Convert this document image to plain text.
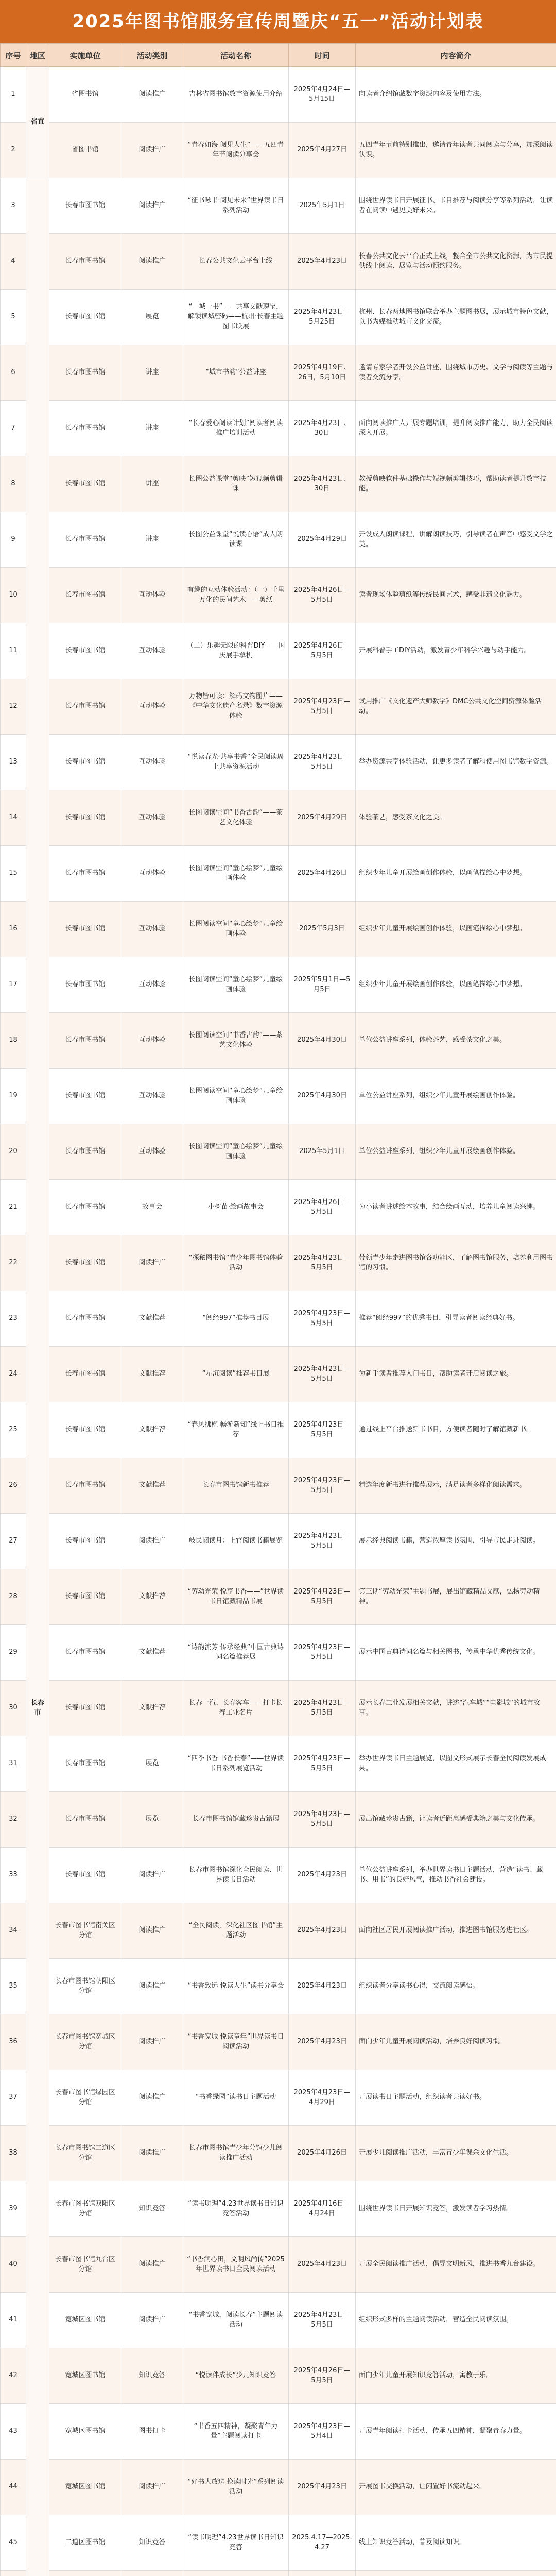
2025年图书馆服务宣传周暨庆“五一”活动计划表
序号	地区	实施单位	活动类别	活动名称	时间	内容简介
1	省直	省图书馆	阅读推广	吉林省图书馆数字资源使用介绍	2025年4月24日—5月15日	向读者介绍馆藏数字资源内容及使用方法。
2		省图书馆	阅读推广	“青春如海 阅见人生”——五四青年节阅读分享会	2025年4月27日	五四青年节前特别推出，邀请青年读者共同阅读与分享，加深阅读认识。
3	长春市	长春市图书馆	阅读推广	“征书咏书·阅见未来”世界读书日系列活动	2025年5月1日	围绕世界读书日开展征书、书目推荐与阅读分享等系列活动，让读者在阅读中遇见美好未来。
4		长春市图书馆	阅读推广	长春公共文化云平台上线	2025年4月23日	长春公共文化云平台正式上线，整合全市公共文化资源，为市民提供线上阅读、展览与活动预约服务。
5		长春市图书馆	展览	“一城一书”——共享文献瑰宝，解锁读城密码——杭州·长春主题图书联展	2025年4月23日—5月25日	杭州、长春两地图书馆联合举办主题图书展，展示城市特色文献，以书为媒推动城市文化交流。
6		长春市图书馆	讲座	“城市书韵”公益讲座	2025年4月19日、26日，5月10日	邀请专家学者开设公益讲座，围绕城市历史、文学与阅读等主题与读者交流分享。
7		长春市图书馆	讲座	“长春爱心阅读计划”阅读者阅读推广培训活动	2025年4月23日、30日	面向阅读推广人开展专题培训，提升阅读推广能力，助力全民阅读深入开展。
8		长春市图书馆	讲座	长图公益课堂“剪映”短视频剪辑课	2025年4月23日、30日	教授剪映软件基础操作与短视频剪辑技巧，帮助读者提升数字技能。
9		长春市图书馆	讲座	长图公益课堂“悦读心语”成人朗读课	2025年4月29日	开设成人朗读课程，讲解朗读技巧，引导读者在声音中感受文学之美。
10		长春市图书馆	互动体验	有趣的互动体验活动：（一）千里万化的民间艺术——剪纸	2025年4月26日—5月5日	读者现场体验剪纸等传统民间艺术，感受非遗文化魅力。
11		长春市图书馆	互动体验	（二）乐趣无限的科普DIY——国庆展手拿机	2025年4月26日—5月5日	开展科普手工DIY活动，激发青少年科学兴趣与动手能力。
12		长春市图书馆	互动体验	万物皆可读：解码文物图片——《中华文化遗产名录》数字资源体验	2025年4月23日—5月5日	试用推广《文化遗产大师数字》DMC公共文化空间资源体验活动。
13		长春市图书馆	互动体验	“悦读春光·共享书香”全民阅读周上共享资源活动	2025年4月23日—5月5日	举办资源共享体验活动，让更多读者了解和使用图书馆数字资源。
14		长春市图书馆	互动体验	长图阅读空间“书香古韵”——茶艺文化体验	2025年4月29日	体验茶艺，感受茶文化之美。
15		长春市图书馆	互动体验	长图阅读空间“童心绘梦”儿童绘画体验	2025年4月26日	组织少年儿童开展绘画创作体验，以画笔描绘心中梦想。
16		长春市图书馆	互动体验	长图阅读空间“童心绘梦”儿童绘画体验	2025年5月3日	组织少年儿童开展绘画创作体验，以画笔描绘心中梦想。
17		长春市图书馆	互动体验	长图阅读空间“童心绘梦”儿童绘画体验	2025年5月1日—5月5日	组织少年儿童开展绘画创作体验，以画笔描绘心中梦想。
18		长春市图书馆	互动体验	长图阅读空间“书香古韵”——茶艺文化体验	2025年4月30日	单位公益讲座系列，体验茶艺，感受茶文化之美。
19		长春市图书馆	互动体验	长图阅读空间“童心绘梦”儿童绘画体验	2025年4月30日	单位公益讲座系列，组织少年儿童开展绘画创作体验。
20		长春市图书馆	互动体验	长图阅读空间“童心绘梦”儿童绘画体验	2025年5月1日	单位公益讲座系列，组织少年儿童开展绘画创作体验。
21		长春市图书馆	故事会	小树苗·绘画故事会	2025年4月26日—5月5日	为小读者讲述绘本故事，结合绘画互动，培养儿童阅读兴趣。
22		长春市图书馆	阅读推广	“探秘图书馆”青少年图书馆体验活动	2025年4月23日—5月5日	带领青少年走进图书馆各功能区，了解图书馆服务，培养利用图书馆的习惯。
23		长春市图书馆	文献推荐	“阅经997”推荐书目展	2025年4月23日—5月5日	推荐“阅经997”的优秀书目，引导读者阅读经典好书。
24		长春市图书馆	文献推荐	“星沉阅读”推荐书目展	2025年4月23日—5月5日	为新手读者推荐入门书目，帮助读者开启阅读之旅。
25		长春市图书馆	文献推荐	“春风拂槛 畅游新知”线上书目推荐	2025年4月23日—5月5日	通过线上平台推送新书书目，方便读者随时了解馆藏新书。
26		长春市图书馆	文献推荐	长春市图书馆新书推荐	2025年4月23日—5月5日	精选年度新书进行推荐展示，满足读者多样化阅读需求。
27		长春市图书馆	阅读推广	岐民阅读月：上官阅读书籍展览	2025年4月23日—5月5日	展示经典阅读书籍，营造浓厚读书氛围，引导市民走进阅读。
28		长春市图书馆	文献推荐	“劳动光荣 悦享书香——”世界读书日馆藏精品书展	2025年4月23日—5月5日	第三期“劳动光荣”主题书展，展出馆藏精品文献，弘扬劳动精神。
29		长春市图书馆	文献推荐	“诗韵流芳 传承经典”中国古典诗词名篇推荐展	2025年4月23日—5月5日	展示中国古典诗词名篇与相关图书，传承中华优秀传统文化。
30		长春市图书馆	文献推荐	长春一汽、长春客车——打卡长春工业名片	2025年4月23日—5月5日	展示长春工业发展相关文献，讲述“汽车城”“电影城”的城市故事。
31		长春市图书馆	展览	“四季书香 书香长春”——世界读书日系列展览活动	2025年4月23日—5月5日	举办世界读书日主题展览，以图文形式展示长春全民阅读发展成果。
32		长春市图书馆	展览	长春市图书馆馆藏珍贵古籍展	2025年4月23日—5月5日	展出馆藏珍贵古籍，让读者近距离感受典籍之美与文化传承。
33		长春市图书馆	阅读推广	长春市图书馆深化全民阅读、世界读书日活动	2025年4月23日	单位公益讲座系列，举办世界读书日主题活动，营造“读书、藏书、用书”的良好风气，推动书香社会建设。
34		长春市图书馆南关区分馆	阅读推广	“全民阅读，深化社区图书馆”主题活动	2025年4月23日	面向社区居民开展阅读推广活动，推进图书馆服务进社区。
35		长春市图书馆朝阳区分馆	阅读推广	“书香致远 悦读人生”读书分享会	2025年4月23日	组织读者分享读书心得，交流阅读感悟。
36		长春市图书馆宽城区分馆	阅读推广	“书香宽城 悦读童年”世界读书日阅读活动	2025年4月23日	面向少年儿童开展阅读活动，培养良好阅读习惯。
37		长春市图书馆绿园区分馆	阅读推广	“书香绿园”读书日主题活动	2025年4月23日—4月29日	开展读书日主题活动，组织读者共读好书。
38		长春市图书馆二道区分馆	阅读推广	长春市图书馆青少年分馆少儿阅读推广活动	2025年4月26日	开展少儿阅读推广活动，丰富青少年课余文化生活。
39		长春市图书馆双阳区分馆	知识竞答	“读书明理”4.23世界读书日知识竞答活动	2025年4月16日—4月24日	围绕世界读书日开展知识竞答，激发读者学习热情。
40		长春市图书馆九台区分馆	阅读推广	“书香润心田，文明风尚传”2025年世界读书日全民阅读活动	2025年4月23日	开展全民阅读推广活动，倡导文明新风，推进书香九台建设。
41		宽城区图书馆	阅读推广	“书香宽城，阅读长春”主题阅读活动	2025年4月23日—5月5日	组织形式多样的主题阅读活动，营造全民阅读氛围。
42		宽城区图书馆	知识竞答	“悦读伴成长”少儿知识竞答	2025年4月26日—5月5日	面向少年儿童开展知识竞答活动，寓教于乐。
43		宽城区图书馆	图书打卡	“书香五四精神，凝聚青年力量”主题阅读打卡	2025年4月23日—5月4日	开展青年阅读打卡活动，传承五四精神，凝聚青春力量。
44		宽城区图书馆	阅读推广	“好书大放送 换读时光”系列阅读活动	2025年4月23日	开展图书交换活动，让闲置好书流动起来。
45		二道区图书馆	知识竞答	“读书明理”4.23世界读书日知识竞答	2025.4.17—2025.4.27	线上知识竞答活动，普及阅读知识。
